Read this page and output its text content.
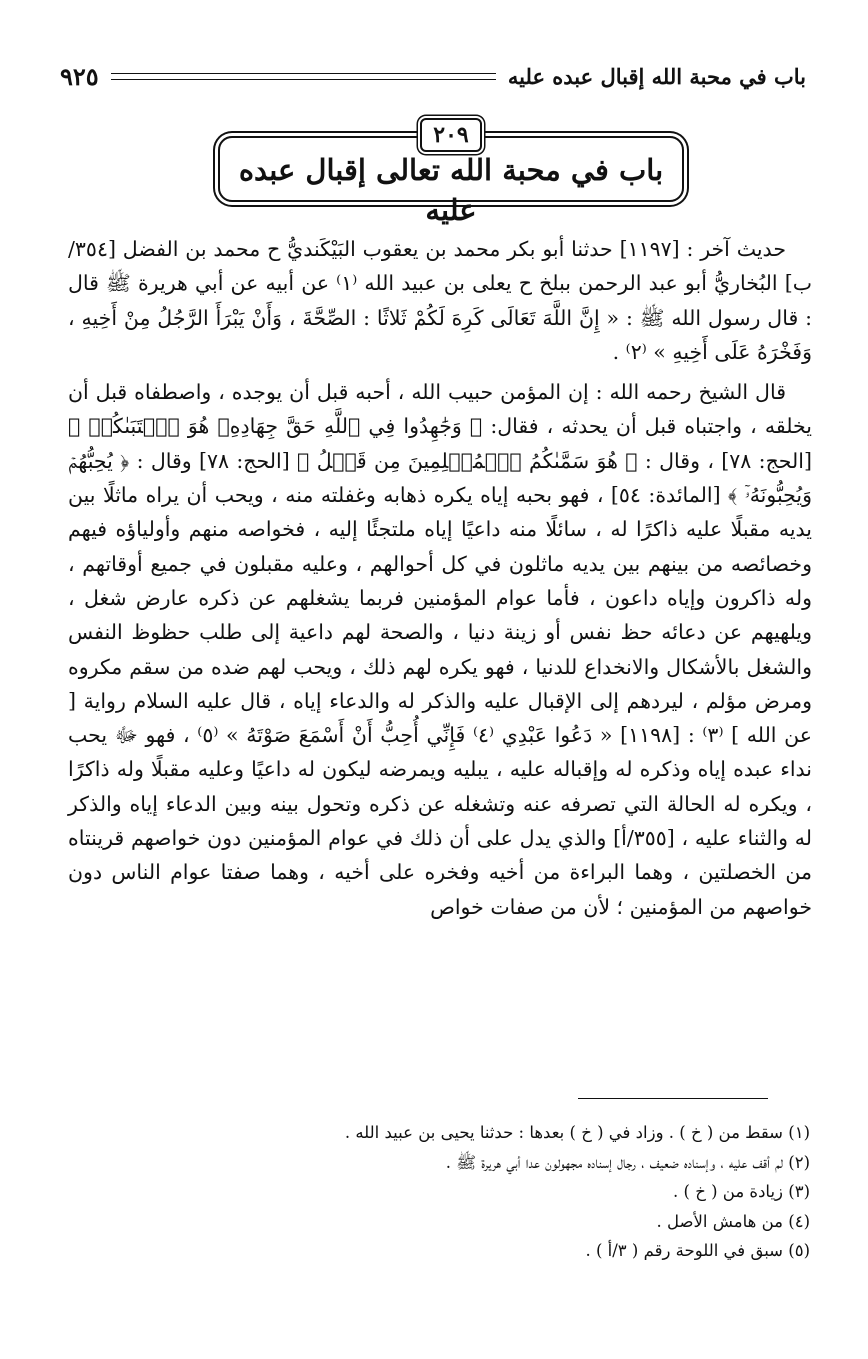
باب في محبة الله إقبال عبده عليه
٩٢٥
٢٠٩
باب في محبة الله تعالى إقبال عبده عليه

حديث آخر : [١١٩٧] حدثنا أبو بكر محمد بن يعقوب البَيْكَنديُّ ح محمد بن الفضل [٣٥٤/ب] البُخاريُّ أبو عبد الرحمن ببلخ ح يعلى بن عبيد الله ⁽١⁾ عن أبيه عن أبي هريرة ﷺ قال : قال رسول الله ﷺ : « إِنَّ اللَّهَ تَعَالَى كَرِهَ لَكُمْ ثَلاثًا : الصِّحَّةَ ، وَأَنْ يَبْرَأَ الرَّجُلُ مِنْ أَخِيهِ ، وَفَخْرَهُ عَلَى أَخِيهِ » ⁽٢⁾ .

قال الشيخ رحمه الله : إن المؤمن حبيب الله ، أحبه قبل أن يوجده ، واصطفاه قبل أن يخلقه ، واجتباه قبل أن يحدثه ، فقال: ﴿ وَجَٰهِدُوا فِي ٱللَّهِ حَقَّ جِهَادِهِۦ هُوَ ٱجۡتَبَىٰكُمۡ ﴾ [الحج: ٧٨] ، وقال : ﴿ هُوَ سَمَّىٰكُمُ ٱلۡمُسۡلِمِينَ مِن قَبۡلُ ﴾ [الحج: ٧٨] وقال : ﴿ يُحِبُّهُمۡ وَيُحِبُّونَهُۥٓ ﴾ [المائدة: ٥٤] ، فهو بحبه إياه يكره ذهابه وغفلته منه ، ويحب أن يراه ماثلًا بين يديه مقبلًا عليه ذاكرًا له ، سائلًا منه داعيًا إياه ملتجئًا إليه ، فخواصه منهم وأولياؤه فيهم وخصائصه من بينهم بين يديه ماثلون في كل أحوالهم ، وعليه مقبلون في جميع أوقاتهم ، وله ذاكرون وإياه داعون ، فأما عوام المؤمنين فربما يشغلهم عن ذكره عارض شغل ، ويلهيهم عن دعائه حظ نفس أو زينة دنيا ، والصحة لهم داعية إلى طلب حظوظ النفس والشغل بالأشكال والانخداع للدنيا ، فهو يكره لهم ذلك ، ويحب لهم ضده من سقم مكروه ومرض مؤلم ، ليردهم إلى الإقبال عليه والذكر له والدعاء إياه ، قال عليه السلام رواية [ عن الله ] ⁽٣⁾ : [١١٩٨] « دَعُوا عَبْدِي ⁽٤⁾ فَإِنِّي أُحِبُّ أَنْ أَسْمَعَ صَوْتَهُ » ⁽٥⁾ ، فهو ﷻ يحب نداء عبده إياه وذكره له وإقباله عليه ، يبليه ويمرضه ليكون له داعيًا وعليه مقبلًا وله ذاكرًا ، ويكره له الحالة التي تصرفه عنه وتشغله عن ذكره وتحول بينه وبين الدعاء إياه والذكر له والثناء عليه ، [٣٥٥/أ] والذي يدل على أن ذلك في عوام المؤمنين دون خواصهم قرينتاه من الخصلتين ، وهما البراءة من أخيه وفخره على أخيه ، وهما صفتا عوام الناس دون خواصهم من المؤمنين ؛ لأن من صفات خواص

(١) سقط من ( خ ) . وزاد في ( خ ) بعدها : حدثنا يحيى بن عبيد الله .
(٢) لم أقف عليه ، وإسناده ضعيف ، رجال إسناده مجهولون عدا أبي هريرة ﷺ .
(٣) زيادة من ( خ ) .
(٤) من هامش الأصل .
(٥) سبق في اللوحة رقم ( ٣/أ ) .
